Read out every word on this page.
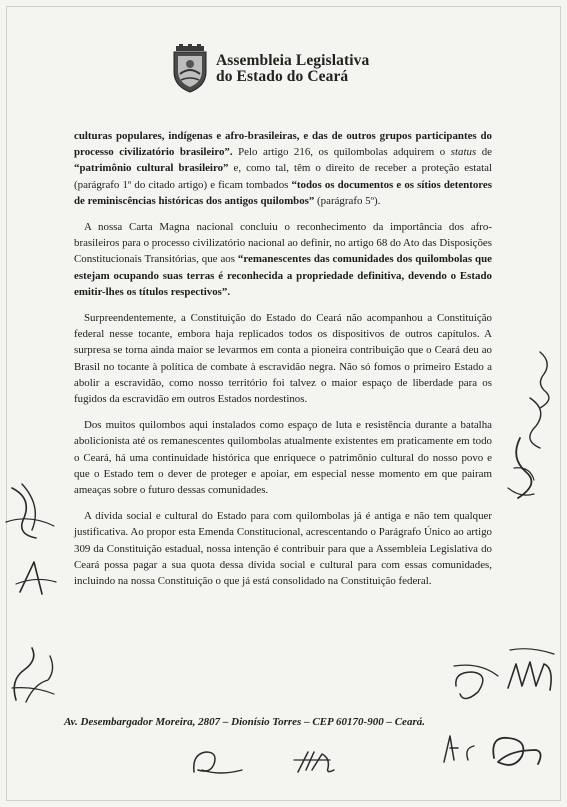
Assembleia Legislativa
do Estado do Ceará

culturas populares, indígenas e afro-brasileiras, e das de outros grupos participantes do processo civilizatório brasileiro”. Pelo artigo 216, os quilombolas adquirem o status de “patrimônio cultural brasileiro” e, como tal, têm o direito de receber a proteção estatal (parágrafo 1º do citado artigo) e ficam tombados “todos os documentos e os sítios detentores de reminiscências históricas dos antigos quilombos” (parágrafo 5º).

A nossa Carta Magna nacional concluiu o reconhecimento da importância dos afro-brasileiros para o processo civilizatório nacional ao definir, no artigo 68 do Ato das Disposições Constitucionais Transitórias, que aos “remanescentes das comunidades dos quilombolas que estejam ocupando suas terras é reconhecida a propriedade definitiva, devendo o Estado emitir-lhes os títulos respectivos”.

Surpreendentemente, a Constituição do Estado do Ceará não acompanhou a Constituição federal nesse tocante, embora haja replicados todos os dispositivos de outros capítulos. A surpresa se torna ainda maior se levarmos em conta a pioneira contribuição que o Ceará deu ao Brasil no tocante à política de combate à escravidão negra. Não só fomos o primeiro Estado a abolir a escravidão, como nosso território foi talvez o maior espaço de liberdade para os fugidos da escravidão em outros Estados nordestinos.

Dos muitos quilombos aqui instalados como espaço de luta e resistência durante a batalha abolicionista até os remanescentes quilombolas atualmente existentes em praticamente em todo o Ceará, há uma continuidade histórica que enriquece o patrimônio cultural do nosso povo e que o Estado tem o dever de proteger e apoiar, em especial nesse momento em que pairam ameaças sobre o futuro dessas comunidades.

A dívida social e cultural do Estado para com quilombolas já é antiga e não tem qualquer justificativa. Ao propor esta Emenda Constitucional, acrescentando o Parágrafo Único ao artigo 309 da Constituição estadual, nossa intenção é contribuir para que a Assembleia Legislativa do Ceará possa pagar a sua quota dessa dívida social e cultural para com essas comunidades, incluindo na nossa Constituição o que já está consolidado na Constituição federal.

Av. Desembargador Moreira, 2807 – Dionísio Torres – CEP 60170-900 – Ceará.
